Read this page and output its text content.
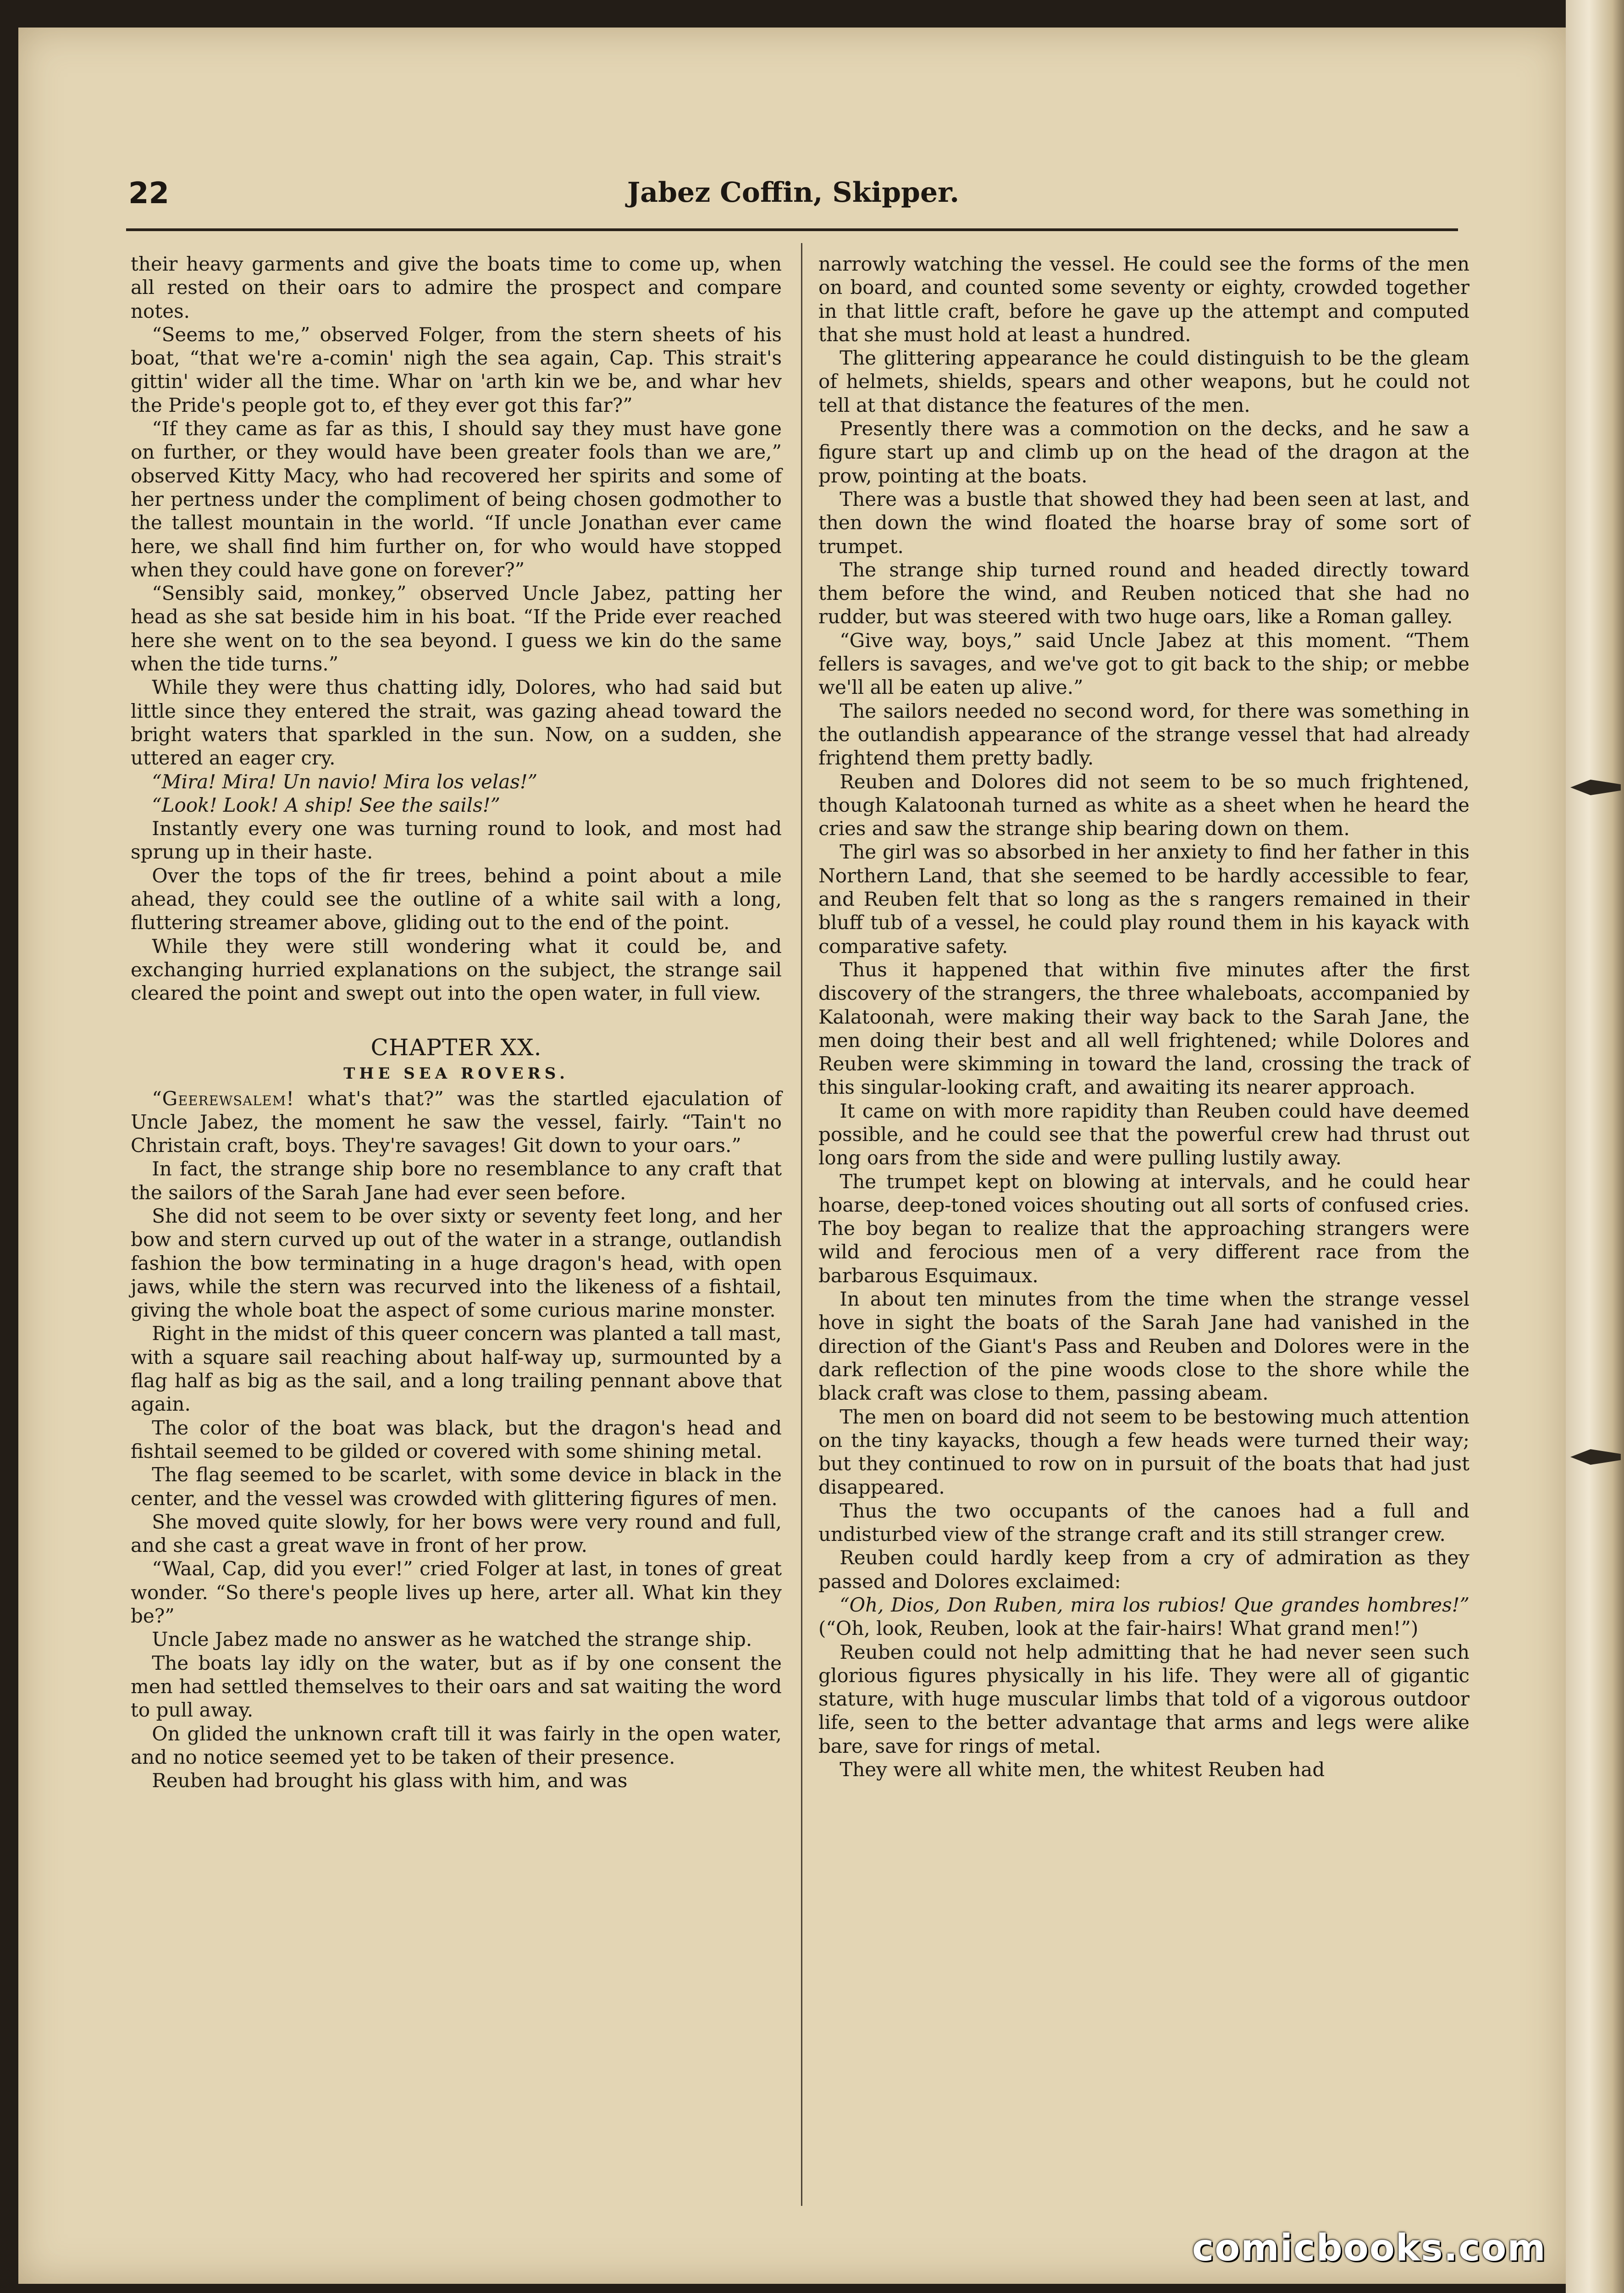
22	Jabez Coffin, Skipper.

their heavy garments and give the boats time to come up, when all rested on their oars to admire the prospect and compare notes.

“Seems to me,” observed Folger, from the stern sheets of his boat, “that we're a-comin' nigh the sea again, Cap. This strait's gittin' wider all the time. Whar on 'arth kin we be, and whar hev the Pride's people got to, ef they ever got this far?”

“If they came as far as this, I should say they must have gone on further, or they would have been greater fools than we are,” observed Kitty Macy, who had recovered her spirits and some of her pertness under the compliment of being chosen godmother to the tallest mountain in the world. “If uncle Jonathan ever came here, we shall find him further on, for who would have stopped when they could have gone on forever?”

“Sensibly said, monkey,” observed Uncle Jabez, patting her head as she sat beside him in his boat. “If the Pride ever reached here she went on to the sea beyond. I guess we kin do the same when the tide turns.”

While they were thus chatting idly, Dolores, who had said but little since they entered the strait, was gazing ahead toward the bright waters that sparkled in the sun. Now, on a sudden, she uttered an eager cry.

“Mira! Mira! Un navio! Mira los velas!”

“Look! Look! A ship! See the sails!”

Instantly every one was turning round to look, and most had sprung up in their haste.

Over the tops of the fir trees, behind a point about a mile ahead, they could see the outline of a white sail with a long, fluttering streamer above, gliding out to the end of the point.

While they were still wondering what it could be, and exchanging hurried explanations on the subject, the strange sail cleared the point and swept out into the open water, in full view.

CHAPTER XX.

THE SEA ROVERS.

“Geerewsalem! what's that?” was the startled ejaculation of Uncle Jabez, the moment he saw the vessel, fairly. “Tain't no Christain craft, boys. They're savages! Git down to your oars.”

In fact, the strange ship bore no resemblance to any craft that the sailors of the Sarah Jane had ever seen before.

She did not seem to be over sixty or seventy feet long, and her bow and stern curved up out of the water in a strange, outlandish fashion the bow terminating in a huge dragon's head, with open jaws, while the stern was recurved into the likeness of a fishtail, giving the whole boat the aspect of some curious marine monster.

Right in the midst of this queer concern was planted a tall mast, with a square sail reaching about half-way up, surmounted by a flag half as big as the sail, and a long trailing pennant above that again.

The color of the boat was black, but the dragon's head and fishtail seemed to be gilded or covered with some shining metal.

The flag seemed to be scarlet, with some device in black in the center, and the vessel was crowded with glittering figures of men.

She moved quite slowly, for her bows were very round and full, and she cast a great wave in front of her prow.

“Waal, Cap, did you ever!” cried Folger at last, in tones of great wonder. “So there's people lives up here, arter all. What kin they be?”

Uncle Jabez made no answer as he watched the strange ship.

The boats lay idly on the water, but as if by one consent the men had settled themselves to their oars and sat waiting the word to pull away.

On glided the unknown craft till it was fairly in the open water, and no notice seemed yet to be taken of their presence.

Reuben had brought his glass with him, and was

narrowly watching the vessel. He could see the forms of the men on board, and counted some seventy or eighty, crowded together in that little craft, before he gave up the attempt and computed that she must hold at least a hundred.

The glittering appearance he could distinguish to be the gleam of helmets, shields, spears and other weapons, but he could not tell at that distance the features of the men.

Presently there was a commotion on the decks, and he saw a figure start up and climb up on the head of the dragon at the prow, pointing at the boats.

There was a bustle that showed they had been seen at last, and then down the wind floated the hoarse bray of some sort of trumpet.

The strange ship turned round and headed directly toward them before the wind, and Reuben noticed that she had no rudder, but was steered with two huge oars, like a Roman galley.

“Give way, boys,” said Uncle Jabez at this moment. “Them fellers is savages, and we've got to git back to the ship; or mebbe we'll all be eaten up alive.”

The sailors needed no second word, for there was something in the outlandish appearance of the strange vessel that had already frightend them pretty badly.

Reuben and Dolores did not seem to be so much frightened, though Kalatoonah turned as white as a sheet when he heard the cries and saw the strange ship bearing down on them.

The girl was so absorbed in her anxiety to find her father in this Northern Land, that she seemed to be hardly accessible to fear, and Reuben felt that so long as the s rangers remained in their bluff tub of a vessel, he could play round them in his kayack with comparative safety.

Thus it happened that within five minutes after the first discovery of the strangers, the three whaleboats, accompanied by Kalatoonah, were making their way back to the Sarah Jane, the men doing their best and all well frightened; while Dolores and Reuben were skimming in toward the land, crossing the track of this singular-looking craft, and awaiting its nearer approach.

It came on with more rapidity than Reuben could have deemed possible, and he could see that the powerful crew had thrust out long oars from the side and were pulling lustily away.

The trumpet kept on blowing at intervals, and he could hear hoarse, deep-toned voices shouting out all sorts of confused cries. The boy began to realize that the approaching strangers were wild and ferocious men of a very different race from the barbarous Esquimaux.

In about ten minutes from the time when the strange vessel hove in sight the boats of the Sarah Jane had vanished in the direction of the Giant's Pass and Reuben and Dolores were in the dark reflection of the pine woods close to the shore while the black craft was close to them, passing abeam.

The men on board did not seem to be bestowing much attention on the tiny kayacks, though a few heads were turned their way; but they continued to row on in pursuit of the boats that had just disappeared.

Thus the two occupants of the canoes had a full and undisturbed view of the strange craft and its still stranger crew.

Reuben could hardly keep from a cry of admiration as they passed and Dolores exclaimed:

“Oh, Dios, Don Ruben, mira los rubios! Que grandes hombres!” (“Oh, look, Reuben, look at the fair-hairs! What grand men!”)

Reuben could not help admitting that he had never seen such glorious figures physically in his life. They were all of gigantic stature, with huge muscular limbs that told of a vigorous outdoor life, seen to the better advantage that arms and legs were alike bare, save for rings of metal.

They were all white men, the whitest Reuben had

comicbooks.com
